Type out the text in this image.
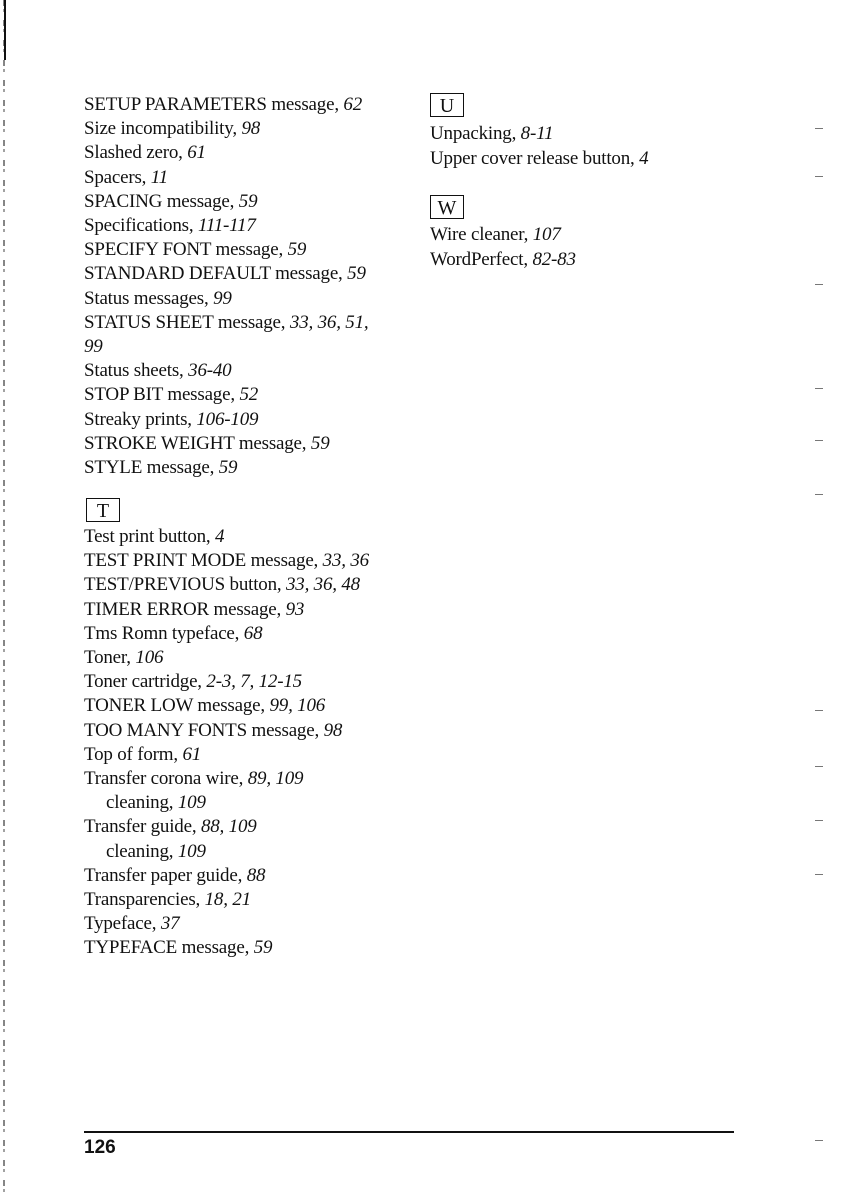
SETUP PARAMETERS message, 62
Size incompatibility, 98
Slashed zero, 61
Spacers, 11
SPACING message, 59
Specifications, 111-117
SPECIFY FONT message, 59
STANDARD DEFAULT message, 59
Status messages, 99
STATUS SHEET message, 33, 36, 51,
99
Status sheets, 36-40
STOP BIT message, 52
Streaky prints, 106-109
STROKE WEIGHT message, 59
STYLE message, 59
T
Test print button, 4
TEST PRINT MODE message, 33, 36
TEST/PREVIOUS button, 33, 36, 48
TIMER ERROR message, 93
Tms Romn typeface, 68
Toner, 106
Toner cartridge, 2-3, 7, 12-15
TONER LOW message, 99, 106
TOO MANY FONTS message, 98
Top of form, 61
Transfer corona wire, 89, 109
cleaning, 109
Transfer guide, 88, 109
cleaning, 109
Transfer paper guide, 88
Transparencies, 18, 21
Typeface, 37
TYPEFACE message, 59
U
Unpacking, 8-11
Upper cover release button, 4
W
Wire cleaner, 107
WordPerfect, 82-83
126
